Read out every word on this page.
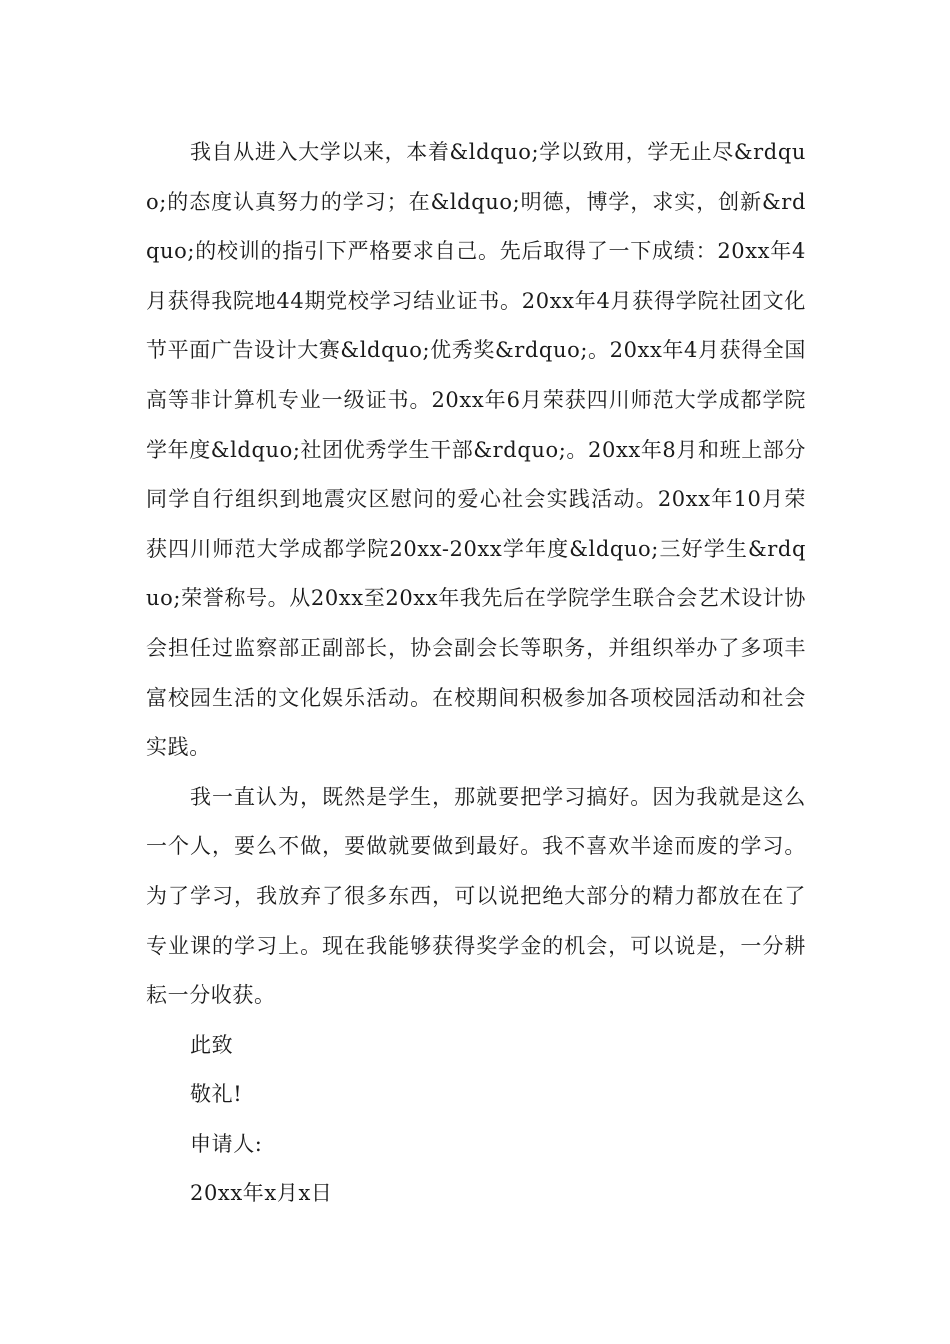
我自从进入大学以来，本着&ldquo;学以致用，学无止尽&rdquo;的态度认真努力的学习；在&ldquo;明德，博学，求实，创新&rdquo;的校训的指引下严格要求自己。先后取得了一下成绩：20xx年4月获得我院地44期党校学习结业证书。20xx年4月获得学院社团文化节平面广告设计大赛&ldquo;优秀奖&rdquo;。20xx年4月获得全国高等非计算机专业一级证书。20xx年6月荣获四川师范大学成都学院学年度&ldquo;社团优秀学生干部&rdquo;。20xx年8月和班上部分同学自行组织到地震灾区慰问的爱心社会实践活动。20xx年10月荣获四川师范大学成都学院20xx-20xx学年度&ldquo;三好学生&rdquo;荣誉称号。从20xx至20xx年我先后在学院学生联合会艺术设计协会担任过监察部正副部长，协会副会长等职务，并组织举办了多项丰富校园生活的文化娱乐活动。在校期间积极参加各项校园活动和社会实践。

我一直认为，既然是学生，那就要把学习搞好。因为我就是这么一个人，要么不做，要做就要做到最好。我不喜欢半途而废的学习。为了学习，我放弃了很多东西，可以说把绝大部分的精力都放在在了专业课的学习上。现在我能够获得奖学金的机会，可以说是，一分耕耘一分收获。

此致

敬礼!

申请人:

20xx年x月x日
